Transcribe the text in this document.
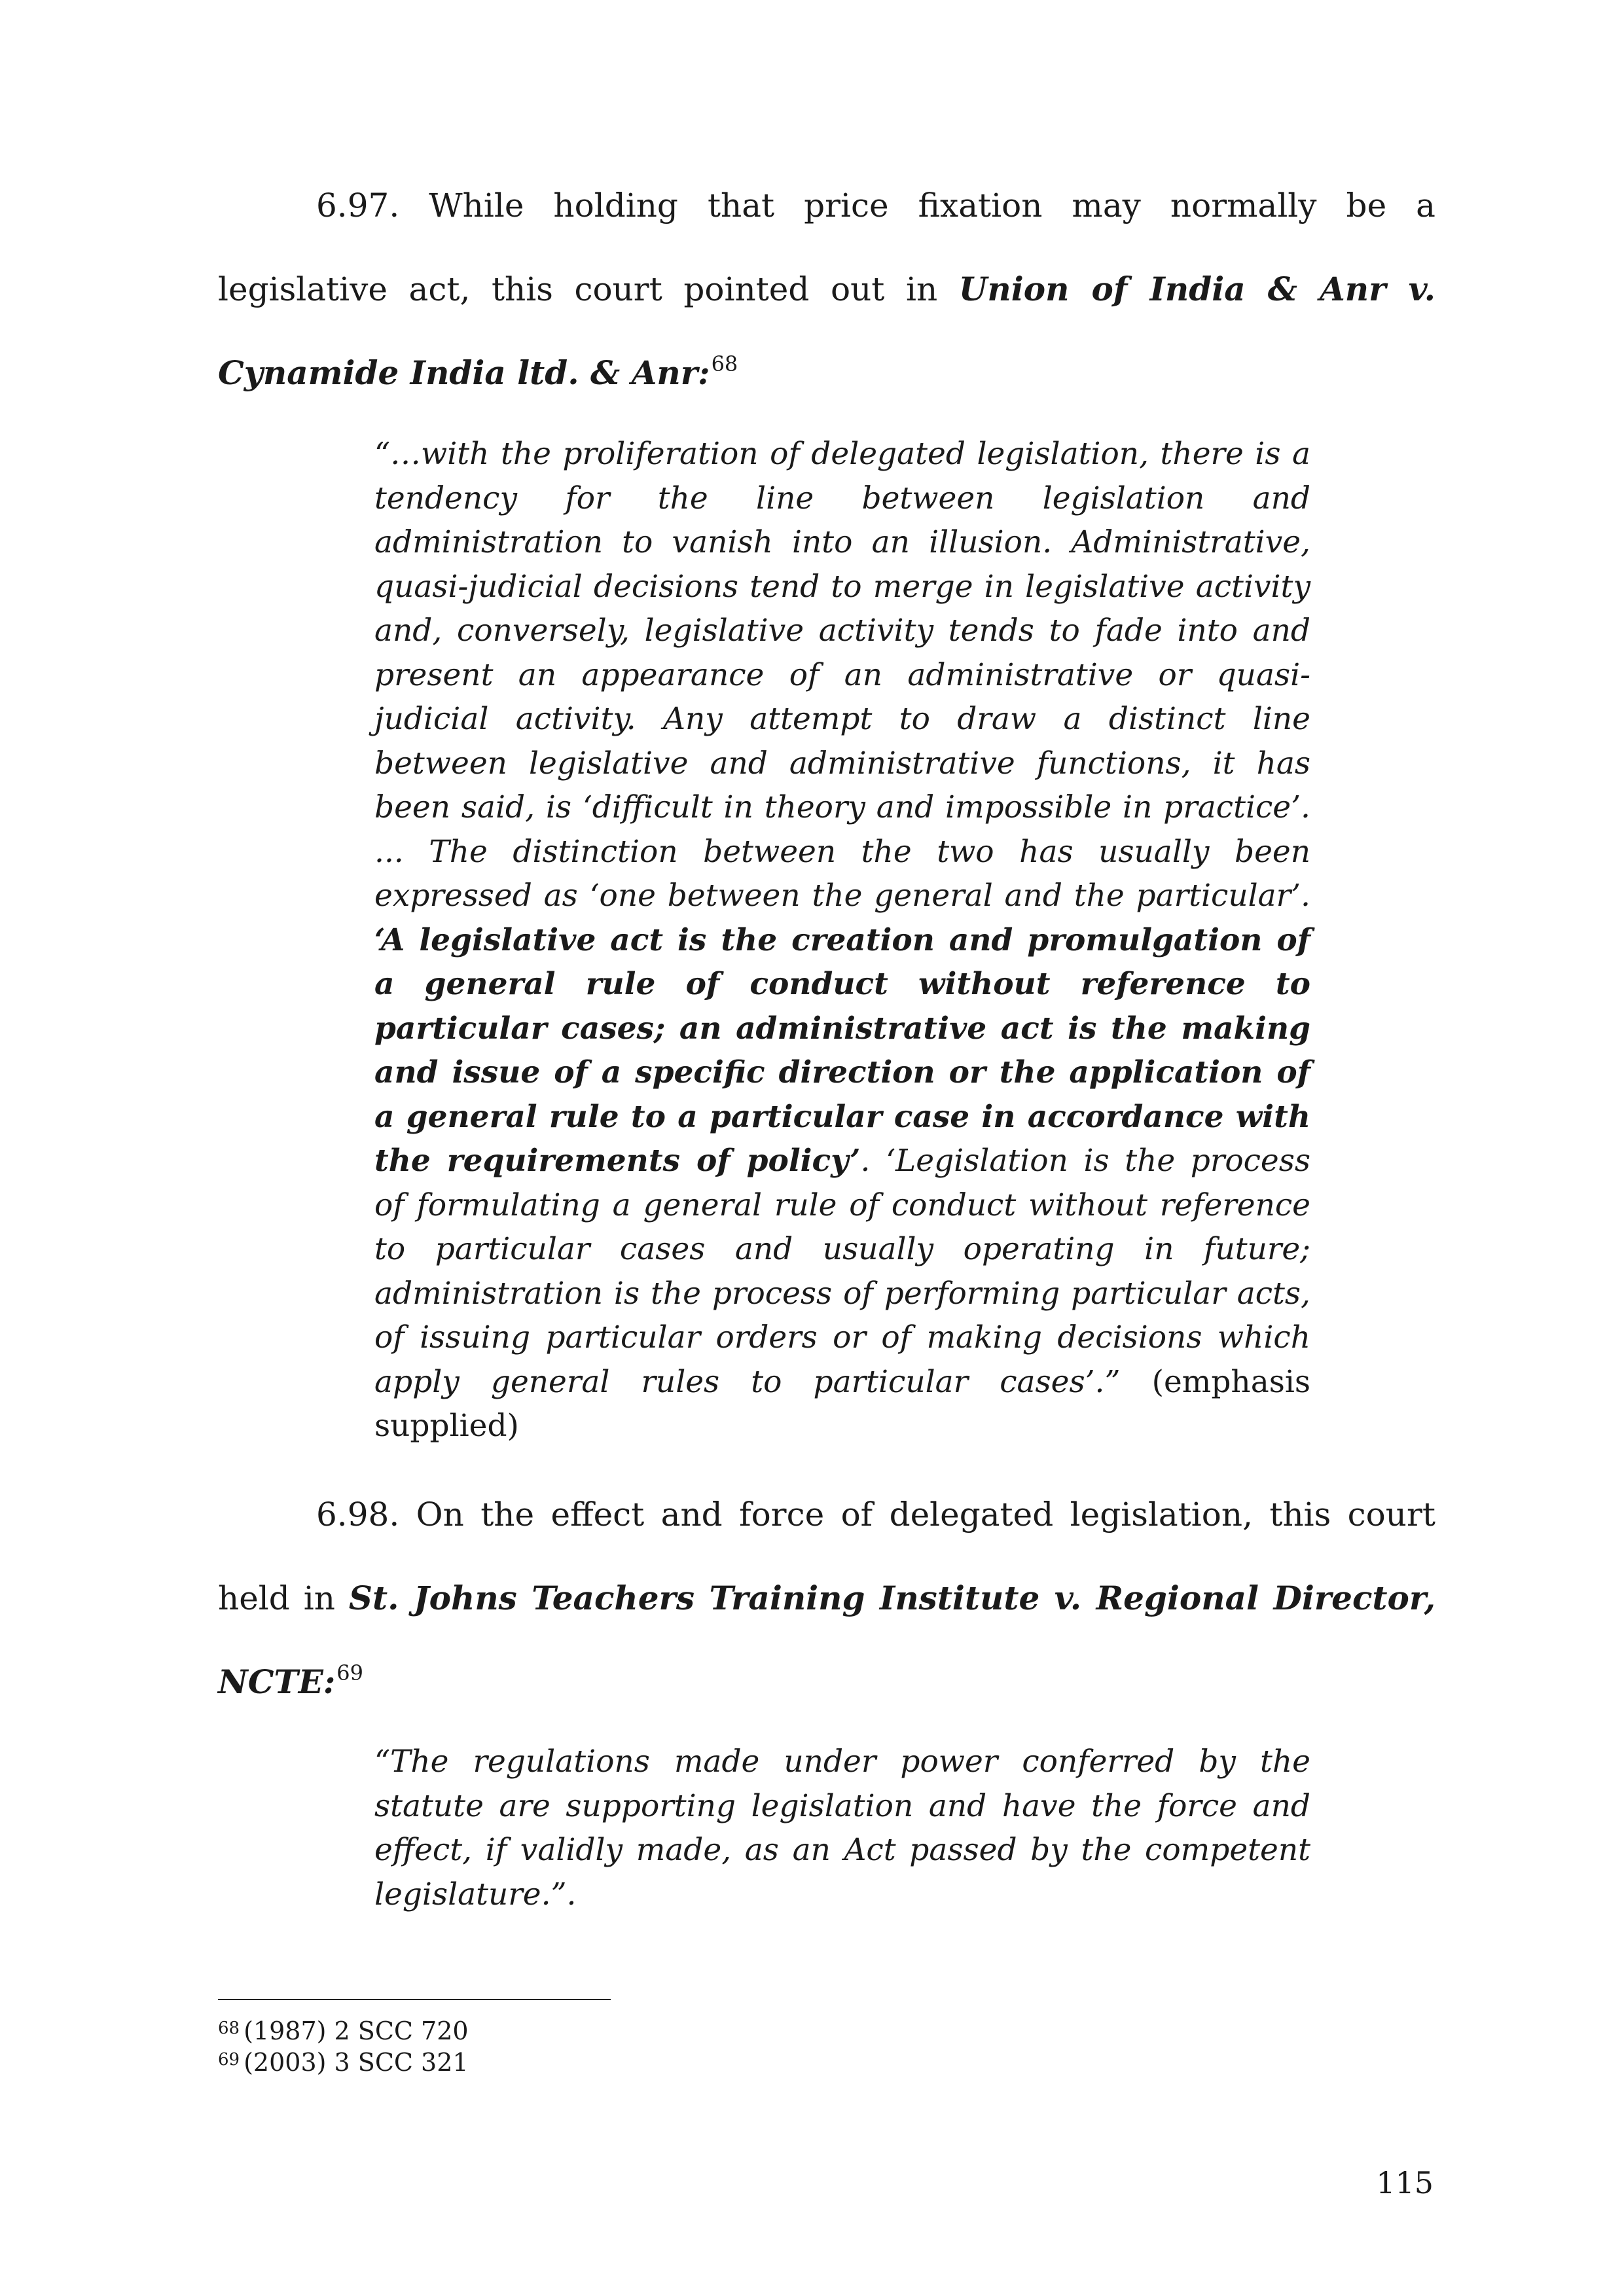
6.97. While holding that price fixation may normally be a legislative act, this court pointed out in Union of India & Anr v. Cynamide India ltd. & Anr:$^{68}$

“…with the proliferation of delegated legislation, there is a tendency for the line between legislation and administration to vanish into an illusion. Administrative, quasi-judicial decisions tend to merge in legislative activity and, conversely, legislative activity tends to fade into and present an appearance of an administrative or quasi-judicial activity. Any attempt to draw a distinct line between legislative and administrative functions, it has been said, is ‘difficult in theory and impossible in practice’. ... The distinction between the two has usually been expressed as ‘one between the general and the particular’. ‘A legislative act is the creation and promulgation of a general rule of conduct without reference to particular cases; an administrative act is the making and issue of a specific direction or the application of a general rule to a particular case in accordance with the requirements of policy’. ‘Legislation is the process of formulating a general rule of conduct without reference to particular cases and usually operating in future; administration is the process of performing particular acts, of issuing particular orders or of making decisions which apply general rules to particular cases’.” (emphasis supplied)

6.98. On the effect and force of delegated legislation, this court held in St. Johns Teachers Training Institute v. Regional Director, NCTE:$^{69}$

“The regulations made under power conferred by the statute are supporting legislation and have the force and effect, if validly made, as an Act passed by the competent legislature.”.

$^{68}$ (1987) 2 SCC 720

$^{69}$ (2003) 3 SCC 321

115
